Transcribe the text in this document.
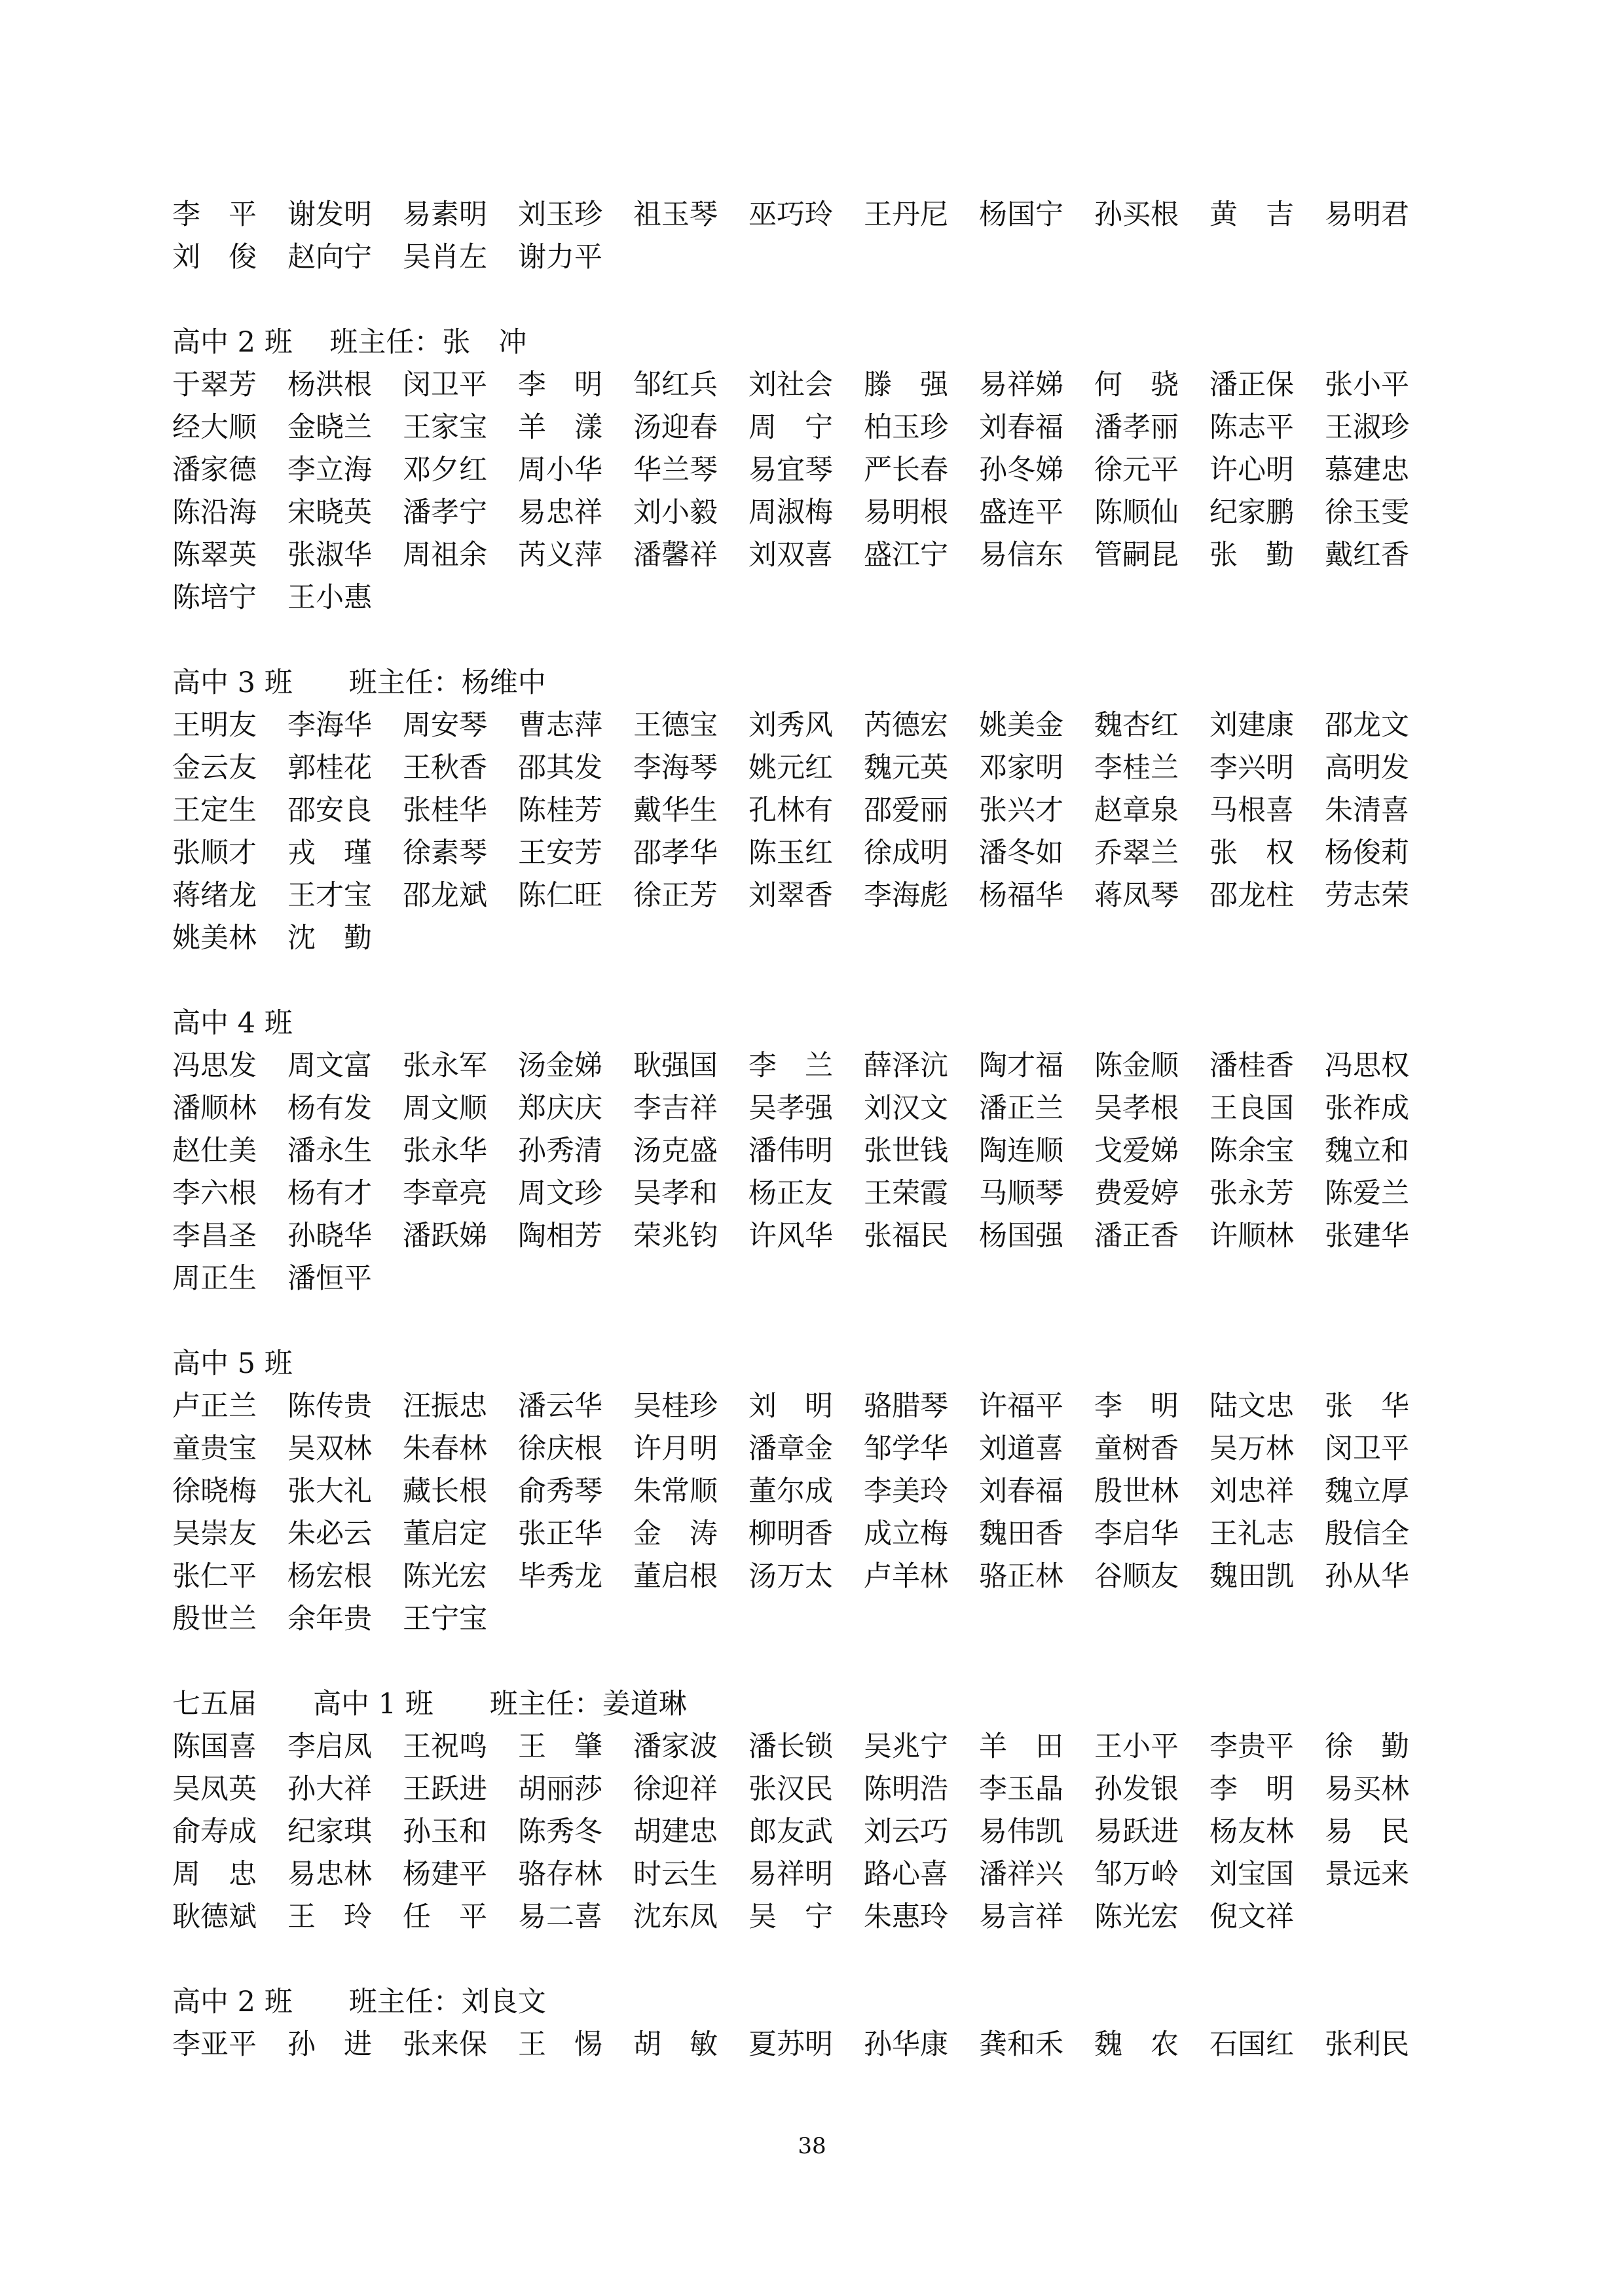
李　平	谢发明	易素明	刘玉珍	祖玉琴	巫巧玲	王丹尼	杨国宁	孙买根	黄　吉	易明君
刘　俊	赵向宁	吴肖左	谢力平
高中 2 班　 班主任：张　冲
于翠芳	杨洪根	闵卫平	李　明	邹红兵	刘社会	滕　强	易祥娣	何　骁	潘正保	张小平
经大顺	金晓兰	王家宝	羊　漾	汤迎春	周　宁	柏玉珍	刘春福	潘孝丽	陈志平	王淑珍
潘家德	李立海	邓夕红	周小华	华兰琴	易宜琴	严长春	孙冬娣	徐元平	许心明	慕建忠
陈沿海	宋晓英	潘孝宁	易忠祥	刘小毅	周淑梅	易明根	盛连平	陈顺仙	纪家鹏	徐玉雯
陈翠英	张淑华	周祖余	芮义萍	潘馨祥	刘双喜	盛江宁	易信东	管嗣昆	张　勤	戴红香
陈培宁	王小惠
高中 3 班　　班主任：杨维中
王明友	李海华	周安琴	曹志萍	王德宝	刘秀风	芮德宏	姚美金	魏杏红	刘建康	邵龙文
金云友	郭桂花	王秋香	邵其发	李海琴	姚元红	魏元英	邓家明	李桂兰	李兴明	高明发
王定生	邵安良	张桂华	陈桂芳	戴华生	孔林有	邵爱丽	张兴才	赵章泉	马根喜	朱清喜
张顺才	戎　瑾	徐素琴	王安芳	邵孝华	陈玉红	徐成明	潘冬如	乔翠兰	张　权	杨俊莉
蒋绪龙	王才宝	邵龙斌	陈仁旺	徐正芳	刘翠香	李海彪	杨福华	蒋凤琴	邵龙柱	劳志荣
姚美林	沈　勤
高中 4 班
冯思发	周文富	张永军	汤金娣	耿强国	李　兰	薛泽沆	陶才福	陈金顺	潘桂香	冯思权
潘顺林	杨有发	周文顺	郑庆庆	李吉祥	吴孝强	刘汉文	潘正兰	吴孝根	王良国	张祚成
赵仕美	潘永生	张永华	孙秀清	汤克盛	潘伟明	张世钱	陶连顺	戈爱娣	陈余宝	魏立和
李六根	杨有才	李章亮	周文珍	吴孝和	杨正友	王荣霞	马顺琴	费爱婷	张永芳	陈爱兰
李昌圣	孙晓华	潘跃娣	陶相芳	荣兆钧	许风华	张福民	杨国强	潘正香	许顺林	张建华
周正生	潘恒平
高中 5 班
卢正兰	陈传贵	汪振忠	潘云华	吴桂珍	刘　明	骆腊琴	许福平	李　明	陆文忠	张　华
童贵宝	吴双林	朱春林	徐庆根	许月明	潘章金	邹学华	刘道喜	童树香	吴万林	闵卫平
徐晓梅	张大礼	藏长根	俞秀琴	朱常顺	董尔成	李美玲	刘春福	殷世林	刘忠祥	魏立厚
吴崇友	朱必云	董启定	张正华	金　涛	柳明香	成立梅	魏田香	李启华	王礼志	殷信全
张仁平	杨宏根	陈光宏	毕秀龙	董启根	汤万太	卢羊林	骆正林	谷顺友	魏田凯	孙从华
殷世兰	余年贵	王宁宝
七五届　　高中 1 班　　班主任：姜道琳
陈国喜	李启凤	王祝鸣	王　肇	潘家波	潘长锁	吴兆宁	羊　田	王小平	李贵平	徐　勤
吴凤英	孙大祥	王跃进	胡丽莎	徐迎祥	张汉民	陈明浩	李玉晶	孙发银	李　明	易买林
俞寿成	纪家琪	孙玉和	陈秀冬	胡建忠	郎友武	刘云巧	易伟凯	易跃进	杨友林	易　民
周　忠	易忠林	杨建平	骆存林	时云生	易祥明	路心喜	潘祥兴	邹万岭	刘宝国	景远来
耿德斌	王　玲	任　平	易二喜	沈东凤	吴　宁	朱惠玲	易言祥	陈光宏	倪文祥
高中 2 班　　班主任：刘良文
李亚平	孙　进	张来保	王　惕	胡　敏	夏苏明	孙华康	龚和禾	魏　农	石国红	张利民
38
